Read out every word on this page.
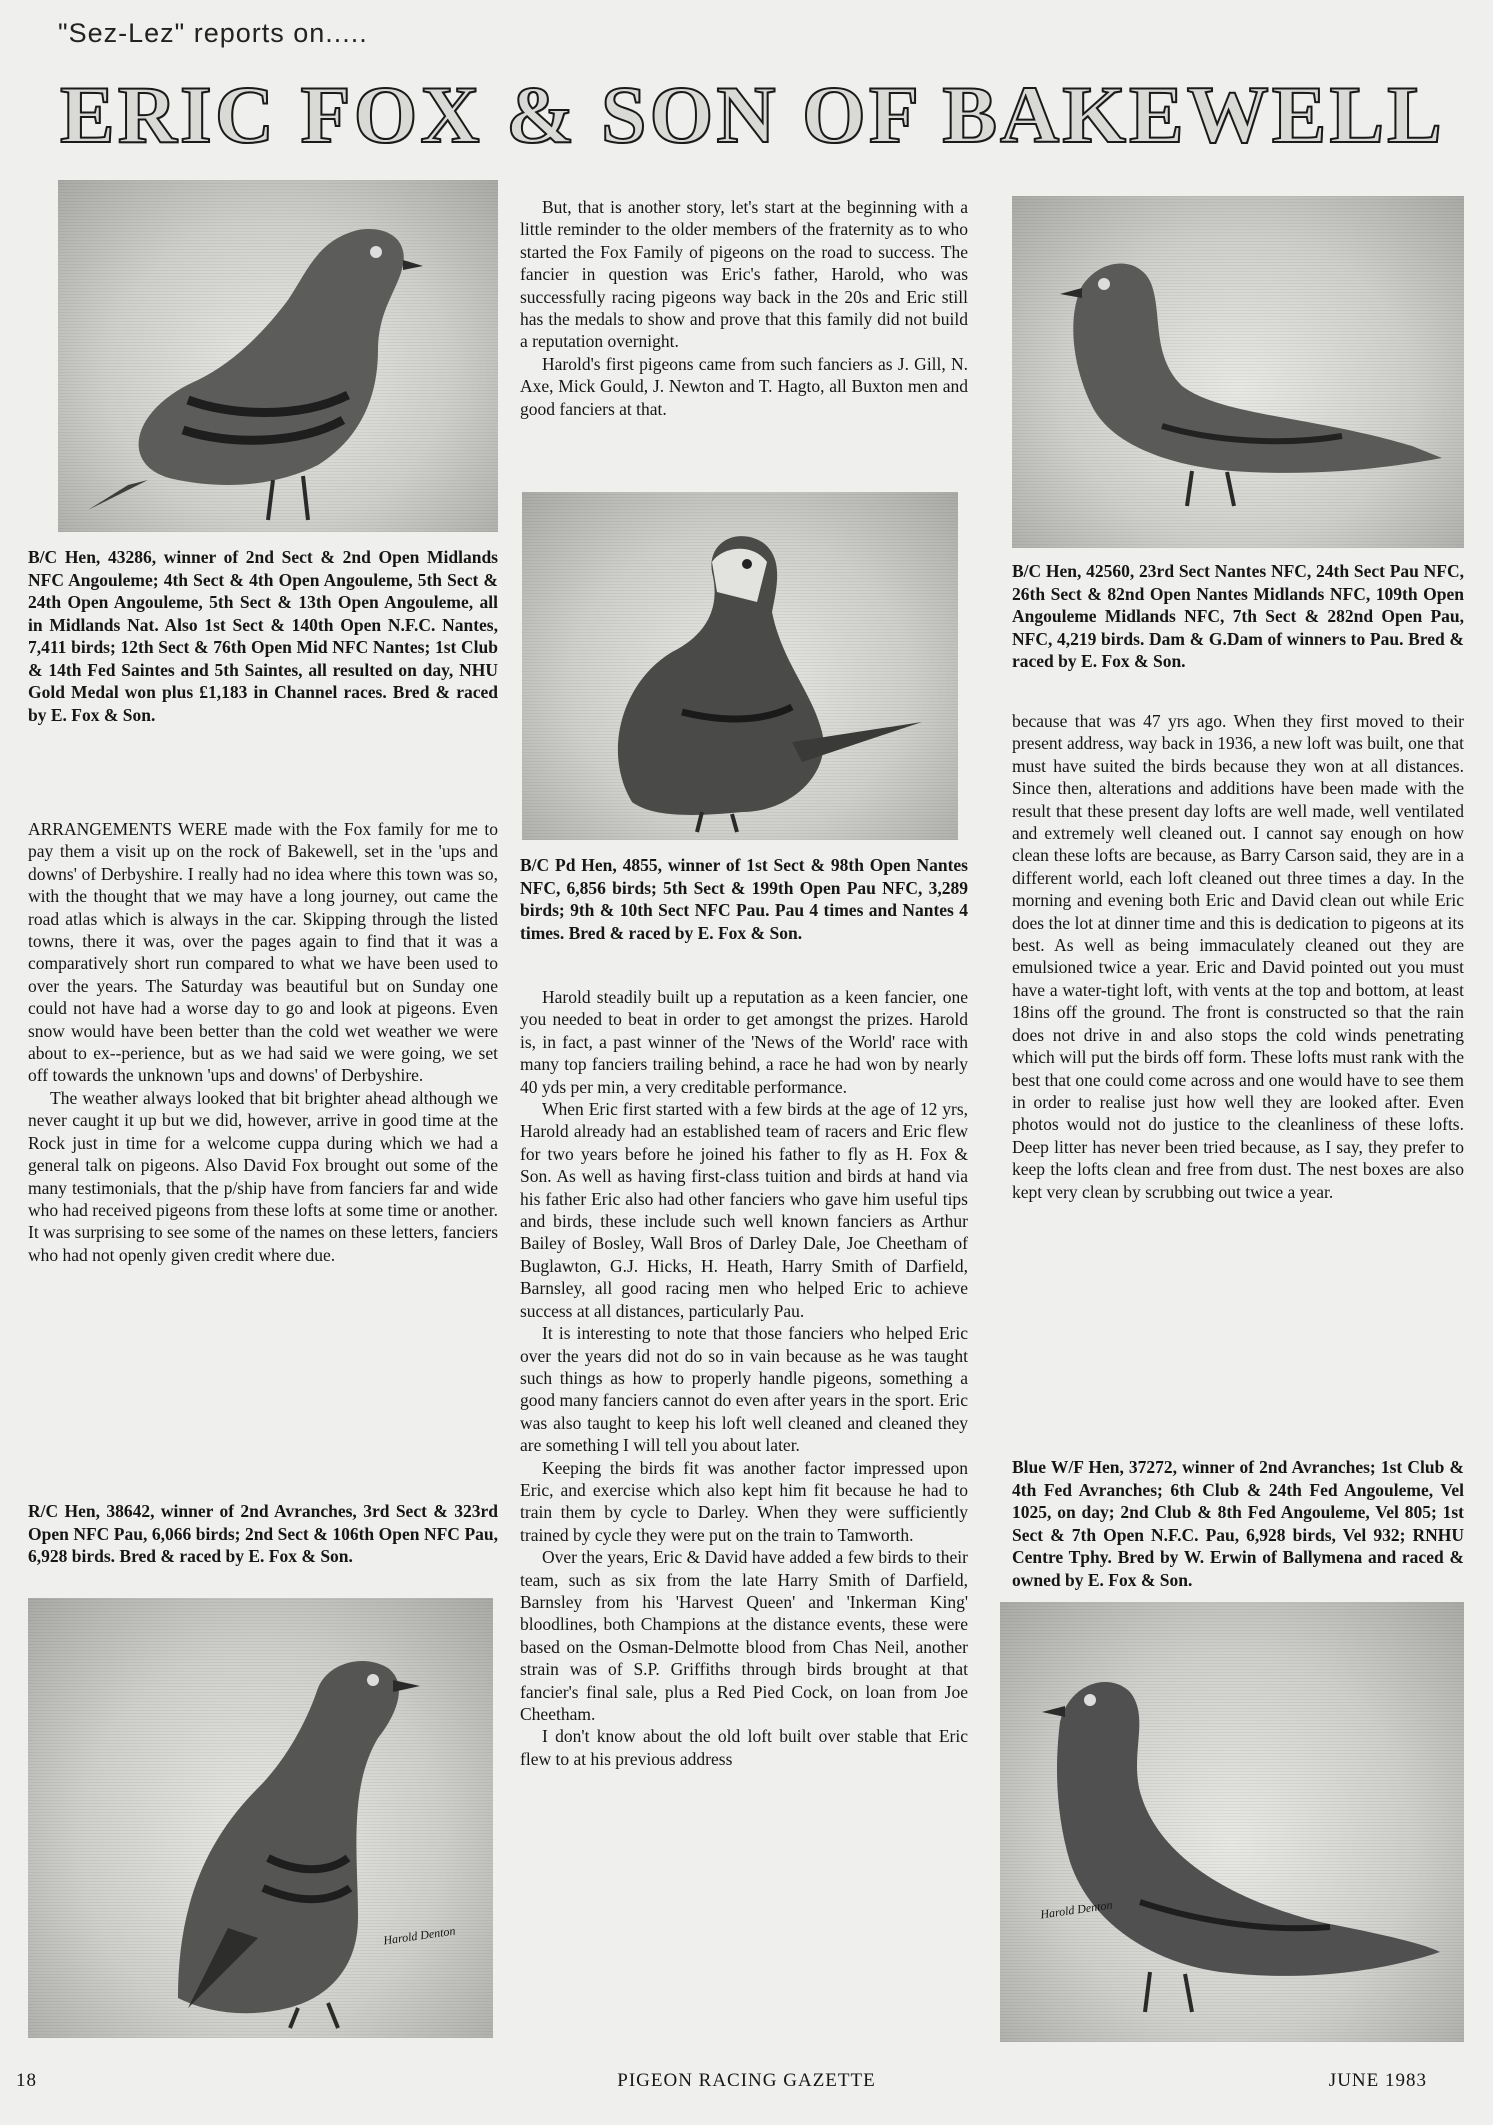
"Sez-Lez" reports on.....
ERIC FOX & SON OF BAKEWELL

B/C Hen, 43286, winner of 2nd Sect & 2nd Open Midlands NFC Angouleme; 4th Sect & 4th Open Angouleme, 5th Sect & 24th Open Angouleme, 5th Sect & 13th Open Angouleme, all in Midlands Nat. Also 1st Sect & 140th Open N.F.C. Nantes, 7,411 birds; 12th Sect & 76th Open Mid NFC Nantes; 1st Club & 14th Fed Saintes and 5th Saintes, all resulted on day, NHU Gold Medal won plus £1,183 in Channel races. Bred & raced by E. Fox & Son.

ARRANGEMENTS WERE made with the Fox family for me to pay them a visit up on the rock of Bakewell, set in the 'ups and downs' of Derbyshire. I really had no idea where this town was so, with the thought that we may have a long journey, out came the road atlas which is always in the car. Skipping through the listed towns, there it was, over the pages again to find that it was a comparatively short run compared to what we have been used to over the years. The Saturday was beautiful but on Sunday one could not have had a worse day to go and look at pigeons. Even snow would have been better than the cold wet weather we were about to ex--perience, but as we had said we were going, we set off towards the unknown 'ups and downs' of Derbyshire.

The weather always looked that bit brighter ahead although we never caught it up but we did, however, arrive in good time at the Rock just in time for a welcome cuppa during which we had a general talk on pigeons. Also David Fox brought out some of the many testimonials, that the p/ship have from fanciers far and wide who had received pigeons from these lofts at some time or another. It was surprising to see some of the names on these letters, fanciers who had not openly given credit where due.

R/C Hen, 38642, winner of 2nd Avranches, 3rd Sect & 323rd Open NFC Pau, 6,066 birds; 2nd Sect & 106th Open NFC Pau, 6,928 birds. Bred & raced by E. Fox & Son.

Harold Denton

But, that is another story, let's start at the beginning with a little reminder to the older members of the fraternity as to who started the Fox Family of pigeons on the road to success. The fancier in question was Eric's father, Harold, who was successfully racing pigeons way back in the 20s and Eric still has the medals to show and prove that this family did not build a reputation overnight.

Harold's first pigeons came from such fanciers as J. Gill, N. Axe, Mick Gould, J. Newton and T. Hagto, all Buxton men and good fanciers at that.

B/C Pd Hen, 4855, winner of 1st Sect & 98th Open Nantes NFC, 6,856 birds; 5th Sect & 199th Open Pau NFC, 3,289 birds; 9th & 10th Sect NFC Pau. Pau 4 times and Nantes 4 times. Bred & raced by E. Fox & Son.

Harold steadily built up a reputation as a keen fancier, one you needed to beat in order to get amongst the prizes. Harold is, in fact, a past winner of the 'News of the World' race with many top fanciers trailing behind, a race he had won by nearly 40 yds per min, a very creditable performance.

When Eric first started with a few birds at the age of 12 yrs, Harold already had an established team of racers and Eric flew for two years before he joined his father to fly as H. Fox & Son. As well as having first-class tuition and birds at hand via his father Eric also had other fanciers who gave him useful tips and birds, these include such well known fanciers as Arthur Bailey of Bosley, Wall Bros of Darley Dale, Joe Cheetham of Buglawton, G.J. Hicks, H. Heath, Harry Smith of Darfield, Barnsley, all good racing men who helped Eric to achieve success at all distances, particularly Pau.

It is interesting to note that those fanciers who helped Eric over the years did not do so in vain because as he was taught such things as how to properly handle pigeons, something a good many fanciers cannot do even after years in the sport. Eric was also taught to keep his loft well cleaned and cleaned they are something I will tell you about later.

Keeping the birds fit was another factor impressed upon Eric, and exercise which also kept him fit because he had to train them by cycle to Darley. When they were sufficiently trained by cycle they were put on the train to Tamworth.

Over the years, Eric & David have added a few birds to their team, such as six from the late Harry Smith of Darfield, Barnsley from his 'Harvest Queen' and 'Inkerman King' bloodlines, both Champions at the distance events, these were based on the Osman-Delmotte blood from Chas Neil, another strain was of S.P. Griffiths through birds brought at that fancier's final sale, plus a Red Pied Cock, on loan from Joe Cheetham.

I don't know about the old loft built over stable that Eric flew to at his previous address

B/C Hen, 42560, 23rd Sect Nantes NFC, 24th Sect Pau NFC, 26th Sect & 82nd Open Nantes Midlands NFC, 109th Open Angouleme Midlands NFC, 7th Sect & 282nd Open Pau, NFC, 4,219 birds. Dam & G.Dam of winners to Pau. Bred & raced by E. Fox & Son.

because that was 47 yrs ago. When they first moved to their present address, way back in 1936, a new loft was built, one that must have suited the birds because they won at all distances. Since then, alterations and additions have been made with the result that these present day lofts are well made, well ventilated and extremely well cleaned out. I cannot say enough on how clean these lofts are because, as Barry Carson said, they are in a different world, each loft cleaned out three times a day. In the morning and evening both Eric and David clean out while Eric does the lot at dinner time and this is dedication to pigeons at its best. As well as being immaculately cleaned out they are emulsioned twice a year. Eric and David pointed out you must have a water-tight loft, with vents at the top and bottom, at least 18ins off the ground. The front is constructed so that the rain does not drive in and also stops the cold winds penetrating which will put the birds off form. These lofts must rank with the best that one could come across and one would have to see them in order to realise just how well they are looked after. Even photos would not do justice to the cleanliness of these lofts. Deep litter has never been tried because, as I say, they prefer to keep the lofts clean and free from dust. The nest boxes are also kept very clean by scrubbing out twice a year.

Blue W/F Hen, 37272, winner of 2nd Avranches; 1st Club & 4th Fed Avranches; 6th Club & 24th Fed Angouleme, Vel 1025, on day; 2nd Club & 8th Fed Angouleme, Vel 805; 1st Sect & 7th Open N.F.C. Pau, 6,928 birds, Vel 932; RNHU Centre Tphy. Bred by W. Erwin of Ballymena and raced & owned by E. Fox & Son.

Harold Denton
18	PIGEON RACING GAZETTE	JUNE 1983
